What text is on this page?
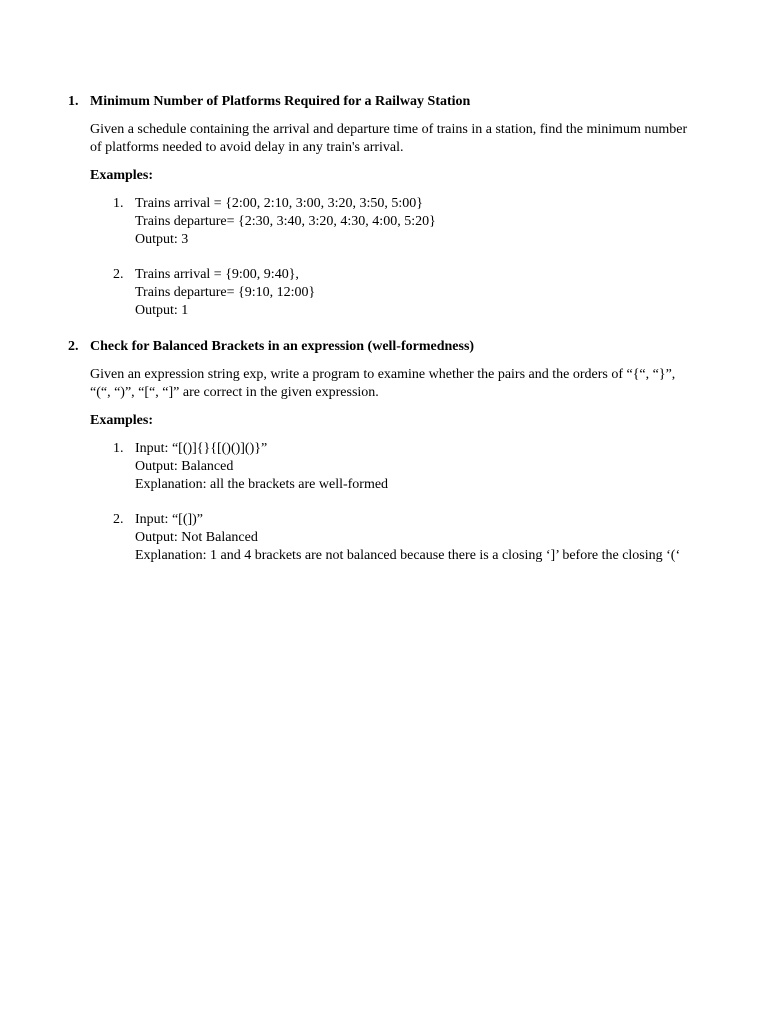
1. Minimum Number of Platforms Required for a Railway Station
Given a schedule containing the arrival and departure time of trains in a station, find the minimum number of platforms needed to avoid delay in any train's arrival.
Examples:
1. Trains arrival = {2:00, 2:10, 3:00, 3:20, 3:50, 5:00}
Trains departure= {2:30, 3:40, 3:20, 4:30, 4:00, 5:20}
Output: 3
2. Trains arrival = {9:00, 9:40},
Trains departure= {9:10, 12:00}
Output: 1
2. Check for Balanced Brackets in an expression (well-formedness)
Given an expression string exp, write a program to examine whether the pairs and the orders of “{“, “}”, “(“, “)”, “[“, “]” are correct in the given expression.
Examples:
1. Input: “[()]{}{[()()]()}”
Output: Balanced
Explanation: all the brackets are well-formed
2. Input: “[(])”
Output: Not Balanced
Explanation: 1 and 4 brackets are not balanced because there is a closing ‘]’ before the closing ‘(‘
